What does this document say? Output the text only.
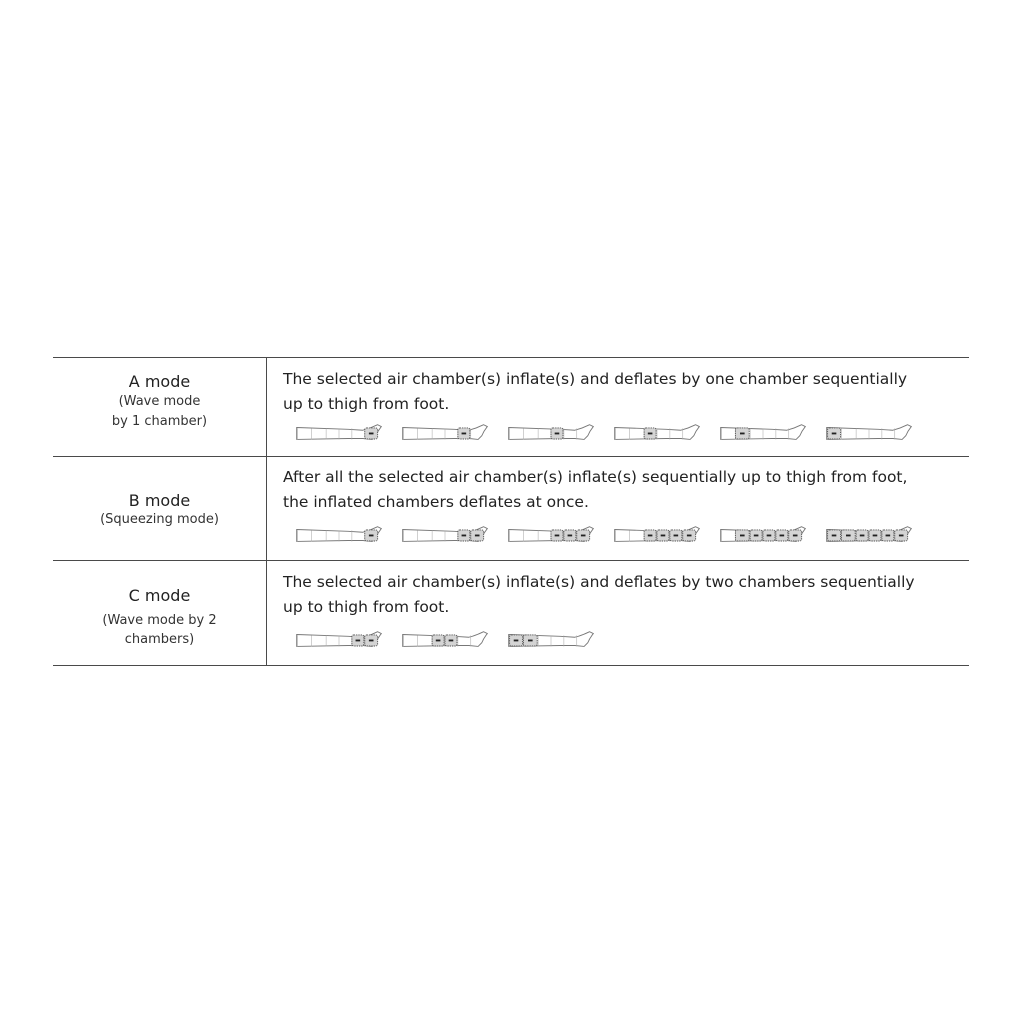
A mode
(Wave mode
by 1 chamber)
The selected air chamber(s) inflate(s) and deflates by one chamber sequentially
up to thigh from foot.
B mode
(Squeezing mode)
After all the selected air chamber(s) inflate(s) sequentially up to thigh from foot,
the inflated chambers deflates at once.
C mode
(Wave mode by 2
chambers)
The selected air chamber(s) inflate(s) and deflates by two chambers sequentially
up to thigh from foot.
